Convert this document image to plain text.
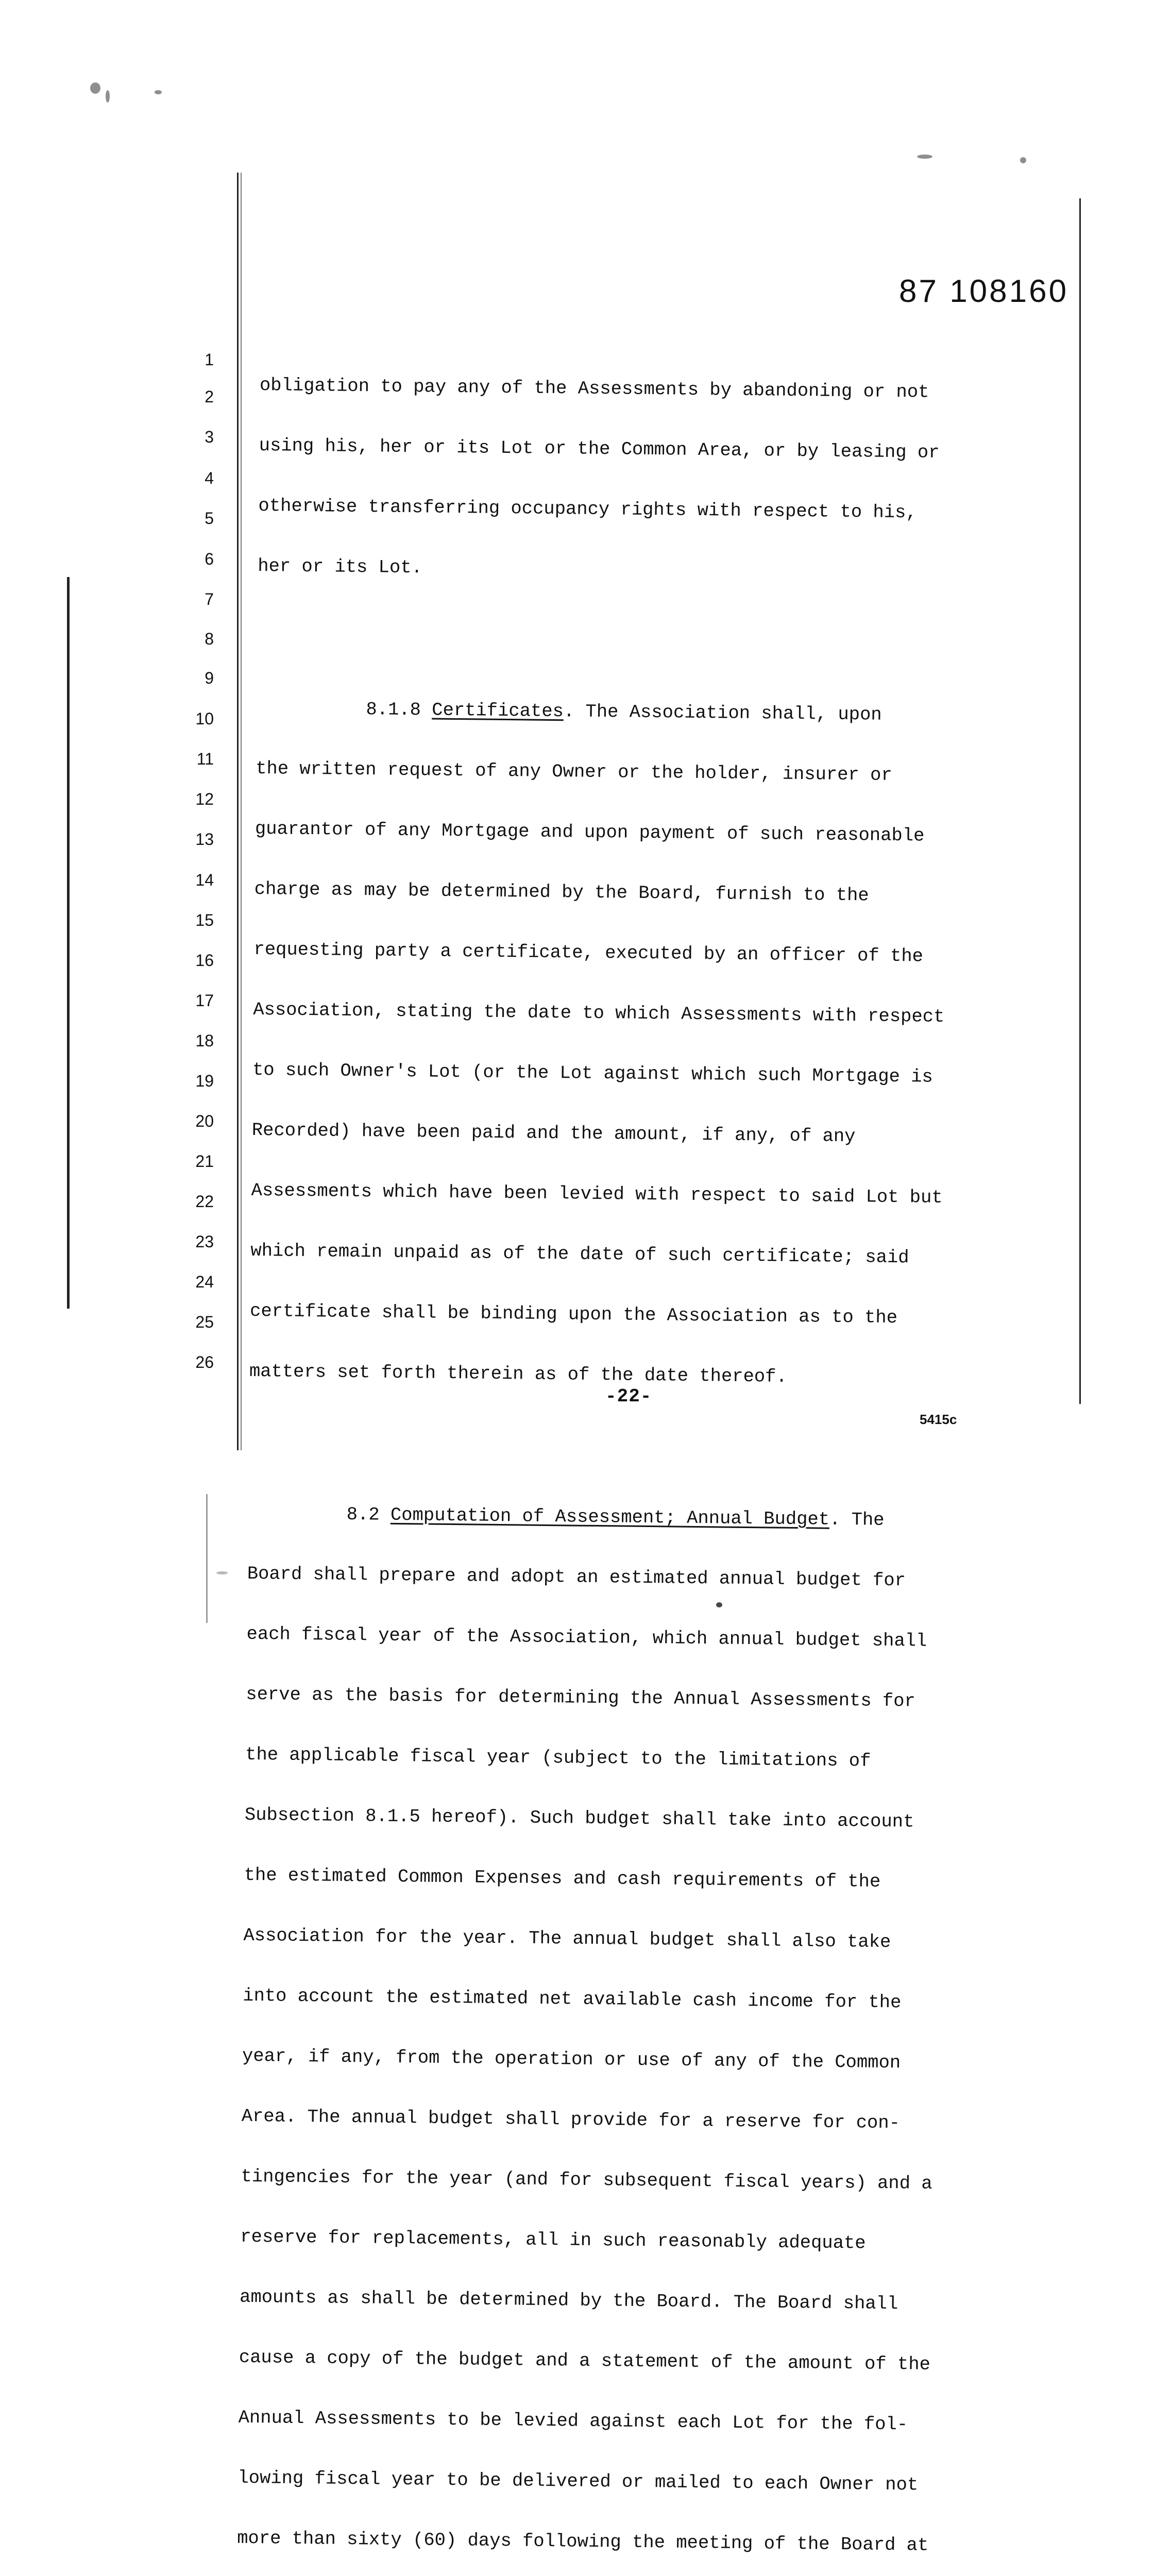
87 108160
1
2
3
4
5
6
7
8
9
10
11
12
13
14
15
16
17
18
19
20
21
22
23
24
25
26

obligation to pay any of the Assessments by abandoning or not

using his, her or its Lot or the Common Area, or by leasing or

otherwise transferring occupancy rights with respect to his,

her or its Lot.

8.1.8 Certificates. The Association shall, upon

the written request of any Owner or the holder, insurer or

guarantor of any Mortgage and upon payment of such reasonable

charge as may be determined by the Board, furnish to the

requesting party a certificate, executed by an officer of the

Association, stating the date to which Assessments with respect

to such Owner's Lot (or the Lot against which such Mortgage is

Recorded) have been paid and the amount, if any, of any

Assessments which have been levied with respect to said Lot but

which remain unpaid as of the date of such certificate; said

certificate shall be binding upon the Association as to the

matters set forth therein as of the date thereof.

8.2 Computation of Assessment; Annual Budget. The

Board shall prepare and adopt an estimated annual budget for

each fiscal year of the Association, which annual budget shall

serve as the basis for determining the Annual Assessments for

the applicable fiscal year (subject to the limitations of

Subsection 8.1.5 hereof). Such budget shall take into account

the estimated Common Expenses and cash requirements of the

Association for the year. The annual budget shall also take

into account the estimated net available cash income for the

year, if any, from the operation or use of any of the Common

Area. The annual budget shall provide for a reserve for con-

tingencies for the year (and for subsequent fiscal years) and a

reserve for replacements, all in such reasonably adequate

amounts as shall be determined by the Board. The Board shall

cause a copy of the budget and a statement of the amount of the

Annual Assessments to be levied against each Lot for the fol-

lowing fiscal year to be delivered or mailed to each Owner not

more than sixty (60) days following the meeting of the Board at

-22-
5415c
